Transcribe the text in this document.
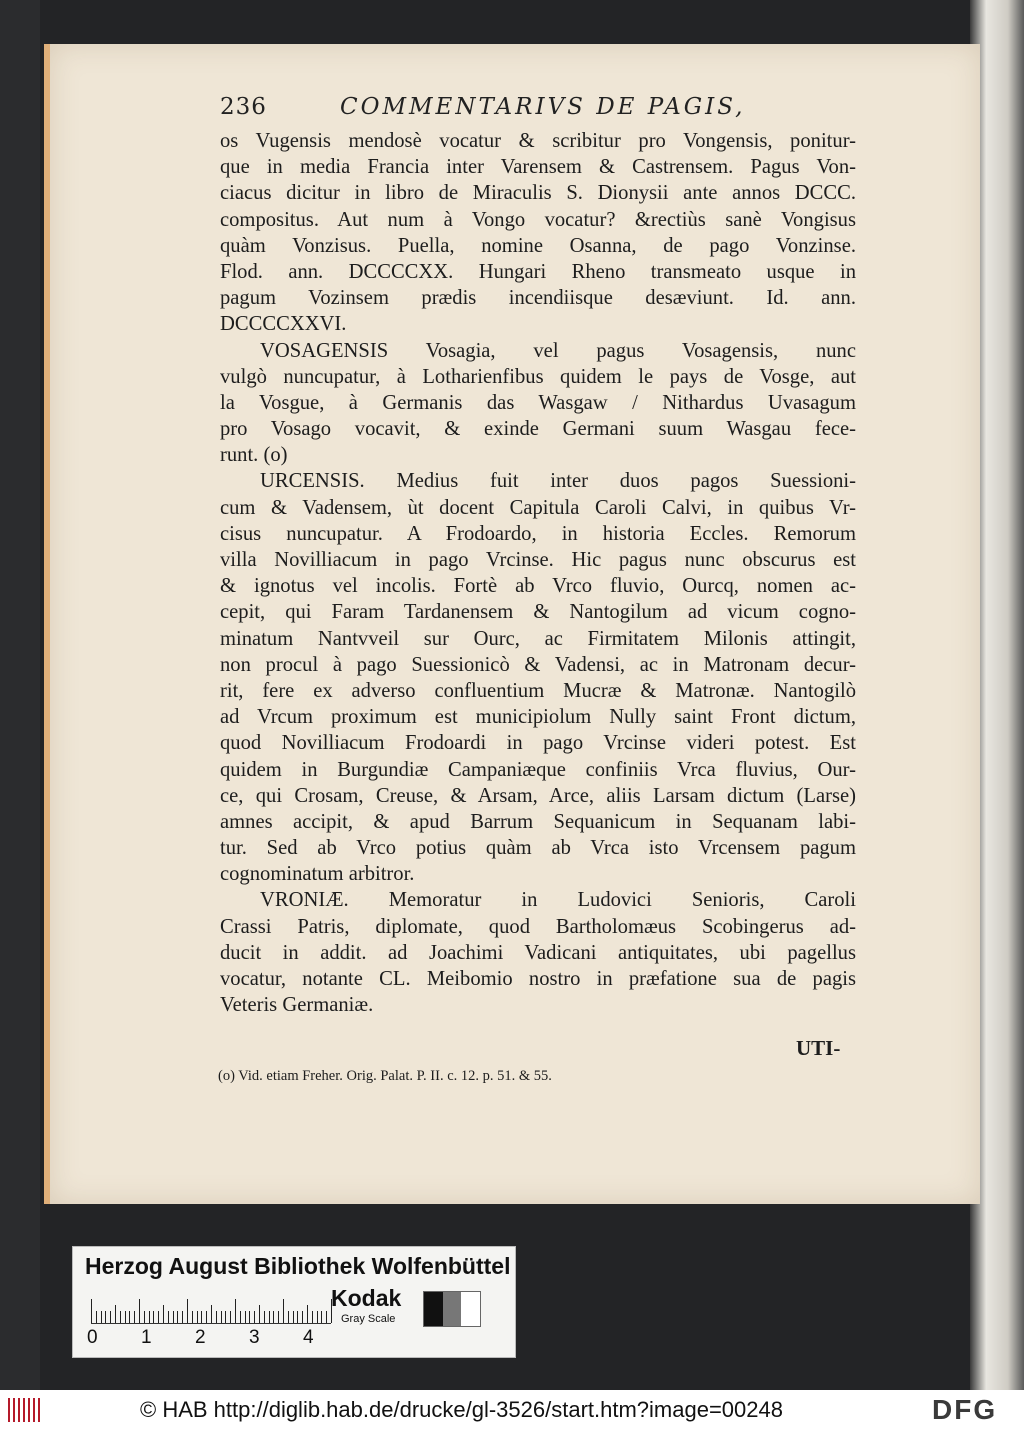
236	COMMENTARIVS DE PAGIS,
os Vugensis mendosè vocatur & scribitur pro Vongensis, ponitur-
que in media Francia inter Varensem & Castrensem. Pagus Von-
ciacus dicitur in libro de Miraculis S. Dionysii ante annos DCCC.
compositus. Aut num à Vongo vocatur? &rectiùs sanè Vongisus
quàm Vonzisus. Puella, nomine Osanna, de pago Vonzinse.
Flod. ann. DCCCCXX. Hungari Rheno transmeato usque in
pagum Vozinsem prædis incendiisque desæviunt. Id. ann.
DCCCCXXVI.
VOSAGENSIS Vosagia, vel pagus Vosagensis, nunc
vulgò nuncupatur, à Lotharienfibus quidem le pays de Vosge, aut
la Vosgue, à Germanis das Wasgaw / Nithardus Uvasagum
pro Vosago vocavit, & exinde Germani suum Wasgau fece-
runt. (o)
URCENSIS. Medius fuit inter duos pagos Suessioni-
cum & Vadensem, ùt docent Capitula Caroli Calvi, in quibus Vr-
cisus nuncupatur. A Frodoardo, in historia Eccles. Remorum
villa Novilliacum in pago Vrcinse. Hic pagus nunc obscurus est
& ignotus vel incolis. Fortè ab Vrco fluvio, Ourcq, nomen ac-
cepit, qui Faram Tardanensem & Nantogilum ad vicum cogno-
minatum Nantvveil sur Ourc, ac Firmitatem Milonis attingit,
non procul à pago Suessionicò & Vadensi, ac in Matronam decur-
rit, fere ex adverso confluentium Mucræ & Matronæ. Nantogilò
ad Vrcum proximum est municipiolum Nully saint Front dictum,
quod Novilliacum Frodoardi in pago Vrcinse videri potest. Est
quidem in Burgundiæ Campaniæque confiniis Vrca fluvius, Our-
ce, qui Crosam, Creuse, & Arsam, Arce, aliis Larsam dictum (Larse)
amnes accipit, & apud Barrum Sequanicum in Sequanam labi-
tur. Sed ab Vrco potius quàm ab Vrca isto Vrcensem pagum
cognominatum arbitror.
VRONIÆ. Memoratur in Ludovici Senioris, Caroli
Crassi Patris, diplomate, quod Bartholomæus Scobingerus ad-
ducit in addit. ad Joachimi Vadicani antiquitates, ubi pagellus
vocatur, notante CL. Meibomio nostro in præfatione sua de pagis
Veteris Germaniæ.
UTI-
(o) Vid. etiam Freher. Orig. Palat. P. II. c. 12. p. 51. & 55.
Herzog August Bibliothek Wolfenbüttel
0 1 2 3 4
Kodak
Gray Scale
© HAB http://diglib.hab.de/drucke/gl-3526/start.htm?image=00248	DFG
